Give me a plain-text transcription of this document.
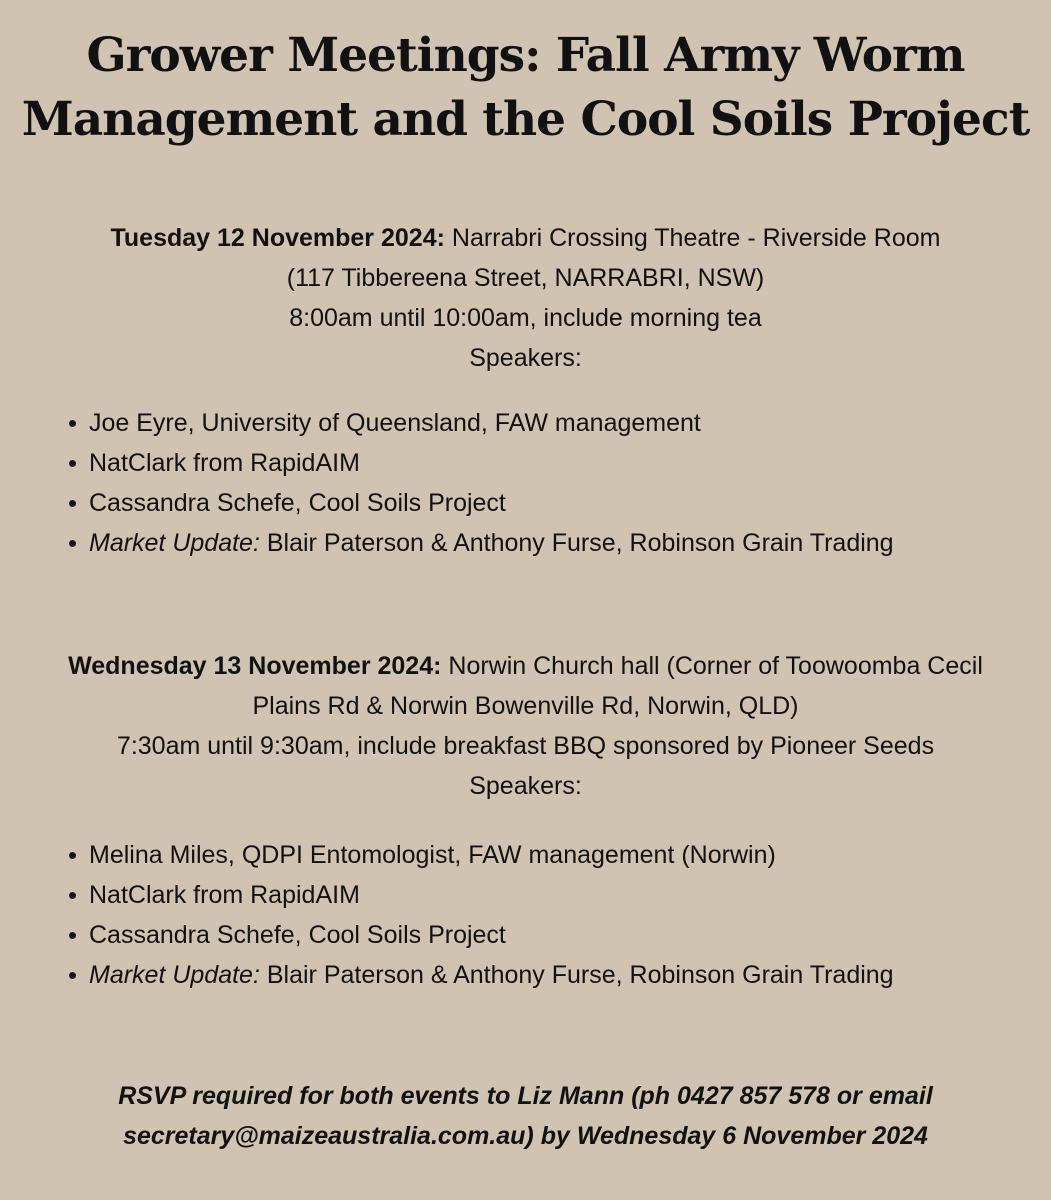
Grower Meetings: Fall Army Worm
Management and the Cool Soils Project
Tuesday 12 November 2024: Narrabri Crossing Theatre - Riverside Room
(117 Tibbereena Street, NARRABRI, NSW)
8:00am until 10:00am, include morning tea
Speakers:
Joe Eyre, University of Queensland, FAW management
NatClark from RapidAIM
Cassandra Schefe, Cool Soils Project
Market Update: Blair Paterson & Anthony Furse, Robinson Grain Trading
Wednesday 13 November 2024: Norwin Church hall (Corner of Toowoomba Cecil
Plains Rd & Norwin Bowenville Rd, Norwin, QLD)
7:30am until 9:30am, include breakfast BBQ sponsored by Pioneer Seeds
Speakers:
Melina Miles, QDPI Entomologist, FAW management (Norwin)
NatClark from RapidAIM
Cassandra Schefe, Cool Soils Project
Market Update: Blair Paterson & Anthony Furse, Robinson Grain Trading
RSVP required for both events to Liz Mann (ph 0427 857 578 or email
secretary@maizeaustralia.com.au) by Wednesday 6 November 2024
